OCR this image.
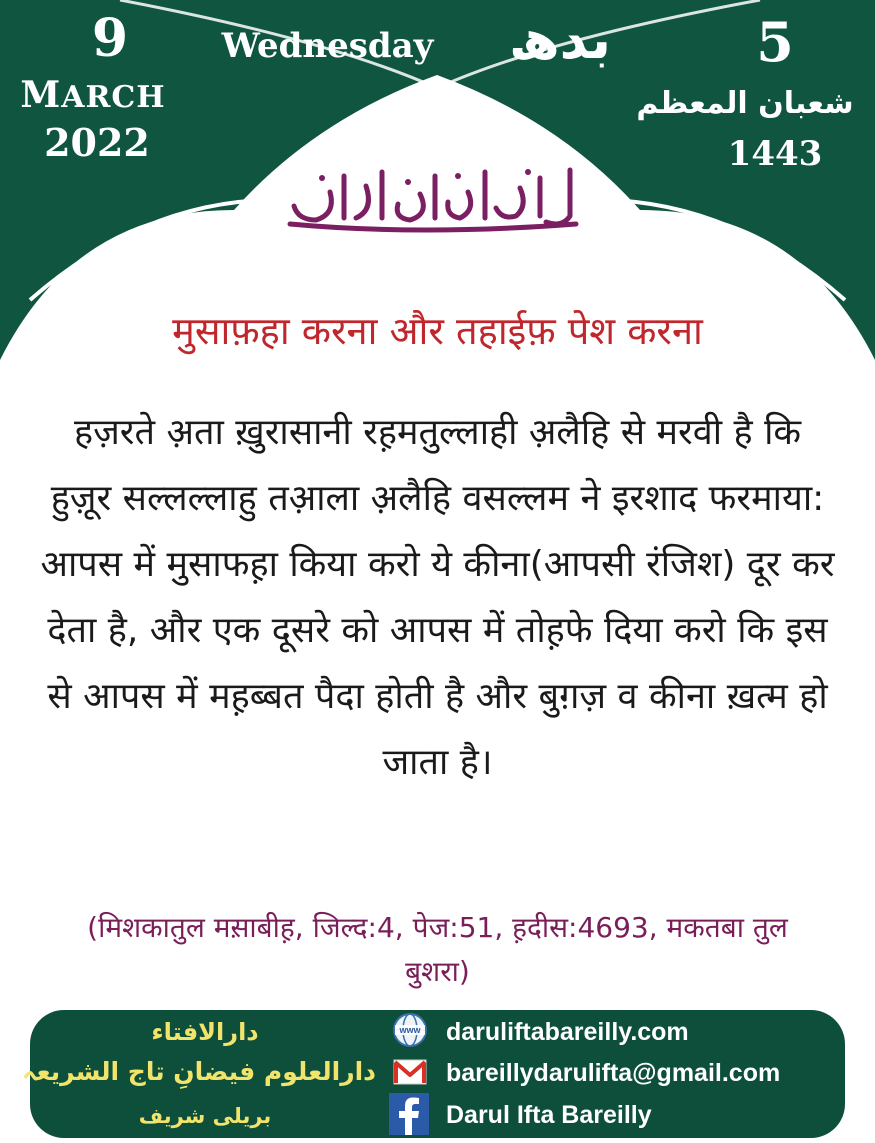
9
MARCH
2022
Wednesday	بدھ	5
شعبان المعظم
1443
मुसाफ़हा करना और तहाईफ़ पेश करना

हज़रते अ़ता ख़ुरासानी रह़मतुल्लाही अ़लैहि से मरवी है कि हुज़ूर सल्लल्लाहु तआ़ला अ़लैहि वसल्लम ने इरशाद फरमाया: आपस में मुसाफह़ा किया करो ये कीना(आपसी रंजिश) दूर कर देता है, और एक दूसरे को आपस में तोह़फे दिया करो कि इस से आपस में मह़ब्बत पैदा होती है और बुग़ज़ व कीना ख़त्म हो जाता है।

(मिशकातुल मस़ाबीह़, जिल्द:4, पेज:51, ह़दीस:4693, मकतबा तुल बुशरा)

دارالافتاء
دارالعلوم فیضانِ تاج الشریعہ
بریلی شریف
www daruliftabareilly.com
bareillydarulifta@gmail.com
Darul Ifta Bareilly
